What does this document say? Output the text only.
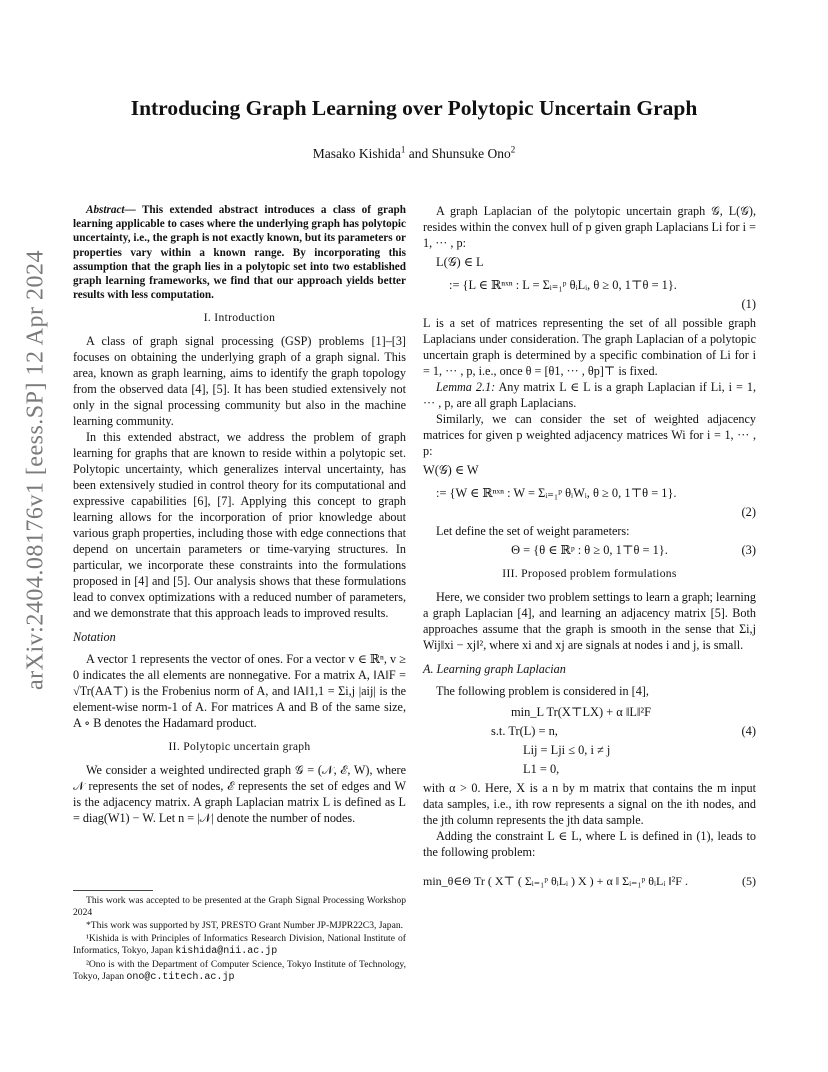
arXiv:2404.08176v1 [eess.SP] 12 Apr 2024
Introducing Graph Learning over Polytopic Uncertain Graph
Masako Kishida$^1$ and Shunsuke Ono$^2$

Abstract— This extended abstract introduces a class of graph learning applicable to cases where the underlying graph has polytopic uncertainty, i.e., the graph is not exactly known, but its parameters or properties vary within a known range. By incorporating this assumption that the graph lies in a polytopic set into two established graph learning frameworks, we find that our approach yields better results with less computation.

I. Introduction

A class of graph signal processing (GSP) problems [1]–[3] focuses on obtaining the underlying graph of a graph signal. This area, known as graph learning, aims to identify the graph topology from the observed data [4], [5]. It has been studied extensively not only in the signal processing community but also in the machine learning community.

In this extended abstract, we address the problem of graph learning for graphs that are known to reside within a polytopic set. Polytopic uncertainty, which generalizes interval uncertainty, has been extensively studied in control theory for its computational and expressive capabilities [6], [7]. Applying this concept to graph learning allows for the incorporation of prior knowledge about various graph properties, including those with edge connections that depend on uncertain parameters or time-varying structures. In particular, we incorporate these constraints into the formulations proposed in [4] and [5]. Our analysis shows that these formulations lead to convex optimizations with a reduced number of parameters, and we demonstrate that this approach leads to improved results.

Notation

A vector 1 represents the vector of ones. For a vector v ∈ ℝⁿ, v ≥ 0 indicates the all elements are nonnegative. For a matrix A, ‖A‖F = √Tr(AA⊤) is the Frobenius norm of A, and ‖A‖1,1 = Σi,j |aij| is the element-wise norm-1 of A. For matrices A and B of the same size, A ∘ B denotes the Hadamard product.

II. Polytopic uncertain graph

We consider a weighted undirected graph 𝒢 = (𝒩, ℰ, W), where 𝒩 represents the set of nodes, ℰ represents the set of edges and W is the adjacency matrix. A graph Laplacian matrix L is defined as L = diag(W1) − W. Let n = |𝒩| denote the number of nodes.

This work was accepted to be presented at the Graph Signal Processing Workshop 2024

*This work was supported by JST, PRESTO Grant Number JP-MJPR22C3, Japan.

¹Kishida is with Principles of Informatics Research Division, National Institute of Informatics, Tokyo, Japan kishida@nii.ac.jp

²Ono is with the Department of Computer Science, Tokyo Institute of Technology, Tokyo, Japan ono@c.titech.ac.jp

A graph Laplacian of the polytopic uncertain graph 𝒢, L(𝒢), resides within the convex hull of p given graph Laplacians Li for i = 1, ··· , p:

L(𝒢) ∈ L
:= {L ∈ ℝⁿˣⁿ : L = Σᵢ₌₁ᵖ θᵢLᵢ, θ ≥ 0, 1⊤θ = 1}.
(1)

L is a set of matrices representing the set of all possible graph Laplacians under consideration. The graph Laplacian of a polytopic uncertain graph is determined by a specific combination of Li for i = 1, ··· , p, i.e., once θ = [θ1, ··· , θp]⊤ is fixed.

Lemma 2.1: Any matrix L ∈ L is a graph Laplacian if Li, i = 1, ··· , p, are all graph Laplacians.

Similarly, we can consider the set of weighted adjacency matrices for given p weighted adjacency matrices Wi for i = 1, ··· , p:

W(𝒢) ∈ W
:= {W ∈ ℝⁿˣⁿ : W = Σᵢ₌₁ᵖ θᵢWᵢ, θ ≥ 0, 1⊤θ = 1}.
(2)

Let define the set of weight parameters:

Θ = {θ ∈ ℝᵖ : θ ≥ 0, 1⊤θ = 1}.	(3)
III. Proposed problem formulations

Here, we consider two problem settings to learn a graph; learning a graph Laplacian [4], and learning an adjacency matrix [5]. Both approaches assume that the graph is smooth in the sense that Σi,j Wij‖xi − xj‖², where xi and xj are signals at nodes i and j, is small.

A. Learning graph Laplacian

The following problem is considered in [4],

min_L Tr(X⊤LX) + α ‖L‖²F
s.t. Tr(L) = n,	(4)
Lij = Lji ≤ 0, i ≠ j
L1 = 0,

with α > 0. Here, X is a n by m matrix that contains the m input data samples, i.e., ith row represents a signal on the ith nodes, and the jth column represents the jth data sample.

Adding the constraint L ∈ L, where L is defined in (1), leads to the following problem:

min_θ∈Θ Tr ( X⊤ ( Σᵢ₌₁ᵖ θᵢLᵢ ) X ) + α ‖ Σᵢ₌₁ᵖ θᵢLᵢ ‖²F .	(5)
